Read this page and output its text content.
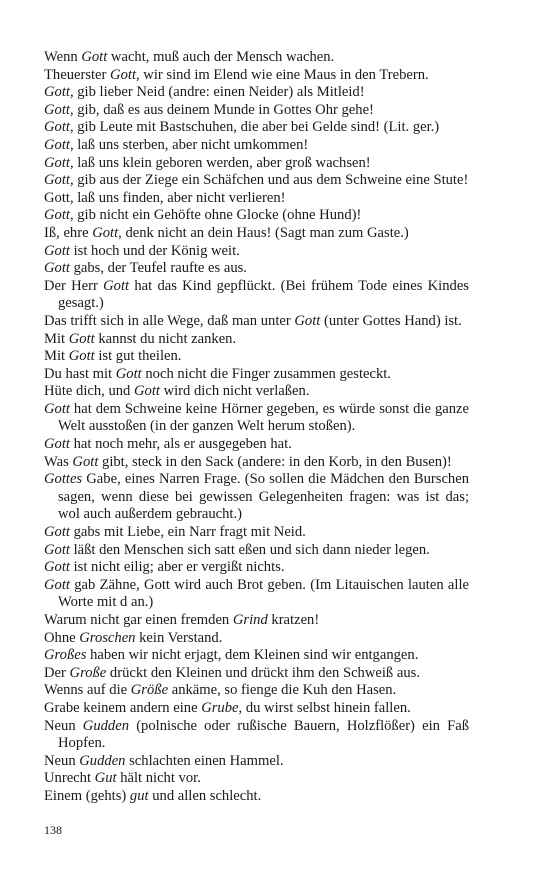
Wenn Gott wacht, muß auch der Mensch wachen.

Theuerster Gott, wir sind im Elend wie eine Maus in den Trebern.

Gott, gib lieber Neid (andre: einen Neider) als Mitleid!

Gott, gib, daß es aus deinem Munde in Gottes Ohr gehe!

Gott, gib Leute mit Bastschuhen, die aber bei Gelde sind! (Lit. ger.)

Gott, laß uns sterben, aber nicht umkommen!

Gott, laß uns klein geboren werden, aber groß wachsen!

Gott, gib aus der Ziege ein Schäfchen und aus dem Schweine eine Stute!

Gott, laß uns finden, aber nicht verlieren!

Gott, gib nicht ein Gehöfte ohne Glocke (ohne Hund)!

Iß, ehre Gott, denk nicht an dein Haus! (Sagt man zum Gaste.)

Gott ist hoch und der König weit.

Gott gabs, der Teufel raufte es aus.

Der Herr Gott hat das Kind gepflückt. (Bei frühem Tode eines Kindes gesagt.)

Das trifft sich in alle Wege, daß man unter Gott (unter Gottes Hand) ist.

Mit Gott kannst du nicht zanken.

Mit Gott ist gut theilen.

Du hast mit Gott noch nicht die Finger zusammen gesteckt.

Hüte dich, und Gott wird dich nicht verlaßen.

Gott hat dem Schweine keine Hörner gegeben, es würde sonst die ganze Welt ausstoßen (in der ganzen Welt herum stoßen).

Gott hat noch mehr, als er ausgegeben hat.

Was Gott gibt, steck in den Sack (andere: in den Korb, in den Busen)!

Gottes Gabe, eines Narren Frage. (So sollen die Mädchen den Burschen sagen, wenn diese bei gewissen Gelegenheiten fragen: was ist das; wol auch außerdem gebraucht.)

Gott gabs mit Liebe, ein Narr fragt mit Neid.

Gott läßt den Menschen sich satt eßen und sich dann nieder legen.

Gott ist nicht eilig; aber er vergißt nichts.

Gott gab Zähne, Gott wird auch Brot geben. (Im Litauischen lauten alle Worte mit d an.)

Warum nicht gar einen fremden Grind kratzen!

Ohne Groschen kein Verstand.

Großes haben wir nicht erjagt, dem Kleinen sind wir entgangen.

Der Große drückt den Kleinen und drückt ihm den Schweiß aus.

Wenns auf die Größe ankäme, so fienge die Kuh den Hasen.

Grabe keinem andern eine Grube, du wirst selbst hinein fallen.

Neun Gudden (polnische oder rußische Bauern, Holzflößer) ein Faß Hopfen.

Neun Gudden schlachten einen Hammel.

Unrecht Gut hält nicht vor.

Einem (gehts) gut und allen schlecht.

138
